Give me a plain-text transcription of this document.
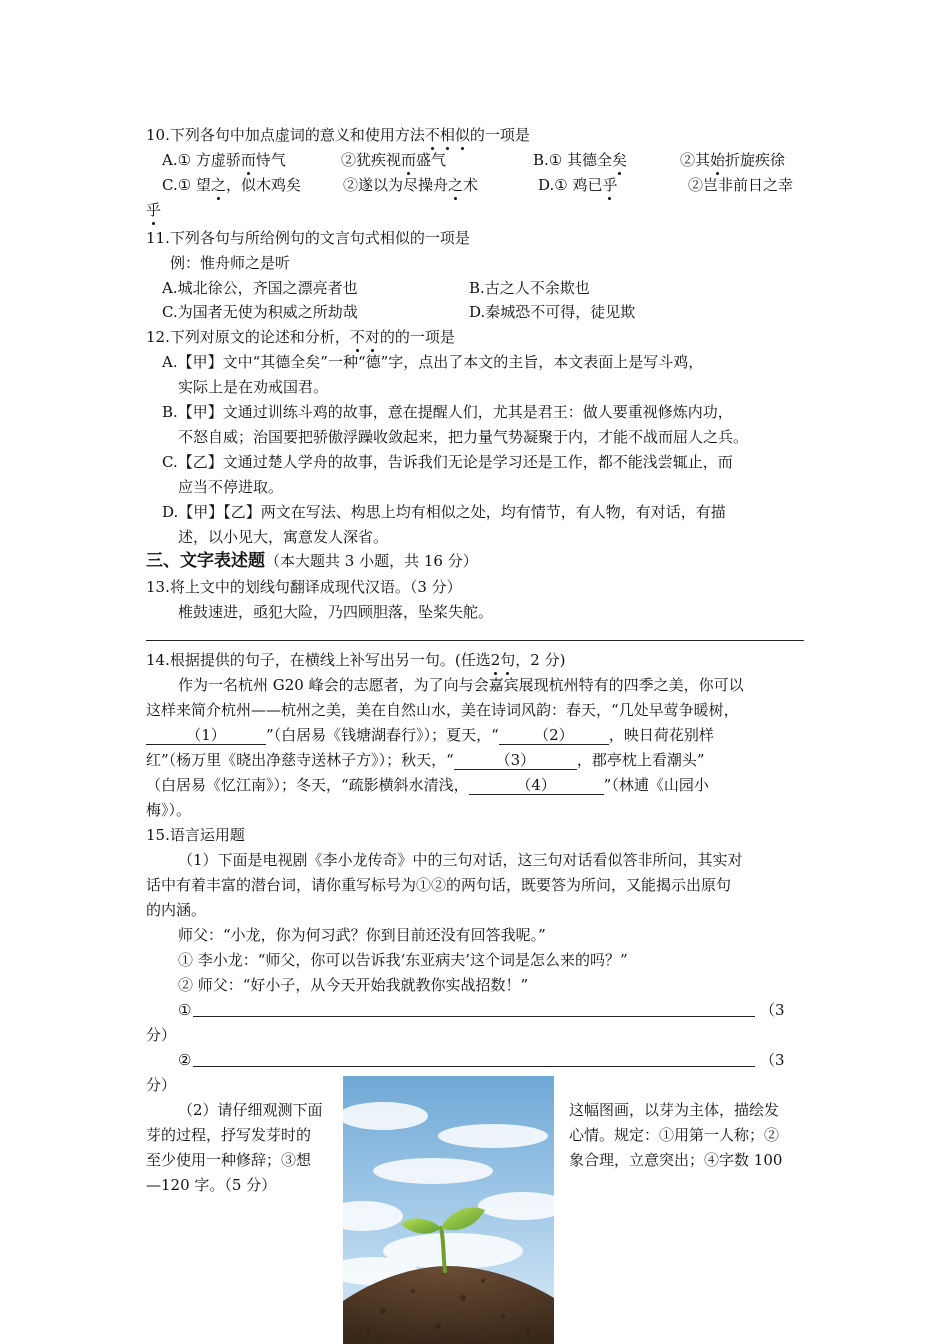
10.下列各句中加点虚词的意义和使用方法不相似的一项是
A.① 方虚骄而恃气	②犹疾视而盛气	B.① 其德全矣	②其始折旋疾徐
C.① 望之，似木鸡矣	②遂以为尽操舟之术	D.① 鸡已乎	②岂非前日之幸
乎
11.下列各句与所给例句的文言句式相似的一项是
例：惟舟师之是听
A.城北徐公，齐国之漂亮者也	B.古之人不余欺也
C.为国者无使为积威之所劫哉	D.秦城恐不可得，徒见欺
12.下列对原文的论述和分析，不对的的一项是
A.【甲】文中“其德全矣”一种“德”字，点出了本文的主旨，本文表面上是写斗鸡，
实际上是在劝戒国君。
B.【甲】文通过训练斗鸡的故事，意在提醒人们，尤其是君王：做人要重视修炼内功，
不怒自威；治国要把骄傲浮躁收敛起来，把力量气势凝聚于内，才能不战而屈人之兵。
C.【乙】文通过楚人学舟的故事，告诉我们无论是学习还是工作，都不能浅尝辄止，而
应当不停进取。
D.【甲】【乙】两文在写法、构思上均有相似之处，均有情节，有人物，有对话，有描
述，以小见大，寓意发人深省。
三、文字表述题（本大题共 3 小题，共 16 分）
13.将上文中的划线句翻译成现代汉语。（3 分）
椎鼓速进，亟犯大险，乃四顾胆落，坠桨失舵。
14.根据提供的句子，在横线上补写出另一句。(任选2句，2 分)
作为一名杭州 G20 峰会的志愿者，为了向与会嘉宾展现杭州特有的四季之美，你可以
这样来简介杭州——杭州之美，美在自然山水，美在诗词风韵：春天，“几处早莺争暖树，
（1）	”（白居易《钱塘湖春行》）；夏天，“ （2） ，映日荷花别样
红”（杨万里《晓出净慈寺送林子方》）；秋天，“	（3）	，郡亭枕上看潮头”
（白居易《忆江南》）；冬天，“疏影横斜水清浅，	（4）	”（林逋《山园小
梅》）。
15.语言运用题
（1）下面是电视剧《李小龙传奇》中的三句对话，这三句对话看似答非所问，其实对
话中有着丰富的潜台词，请你重写标号为①②的两句话，既要答为所问，又能揭示出原句
的内涵。
师父：“小龙，你为何习武？你到目前还没有回答我呢。”
① 李小龙：“师父，你可以告诉我‘东亚病夫’这个词是怎么来的吗？”
② 师父：“好小子，从今天开始我就教你实战招数！”
①	（3
分）
②	（3
分）
（2）请仔细观测下面
芽的过程，抒写发芽时的
至少使用一种修辞；③想
—120 字。（5 分）
这幅图画，以芽为主体，描绘发
心情。规定：①用第一人称；②
象合理，立意突出；④字数 100
